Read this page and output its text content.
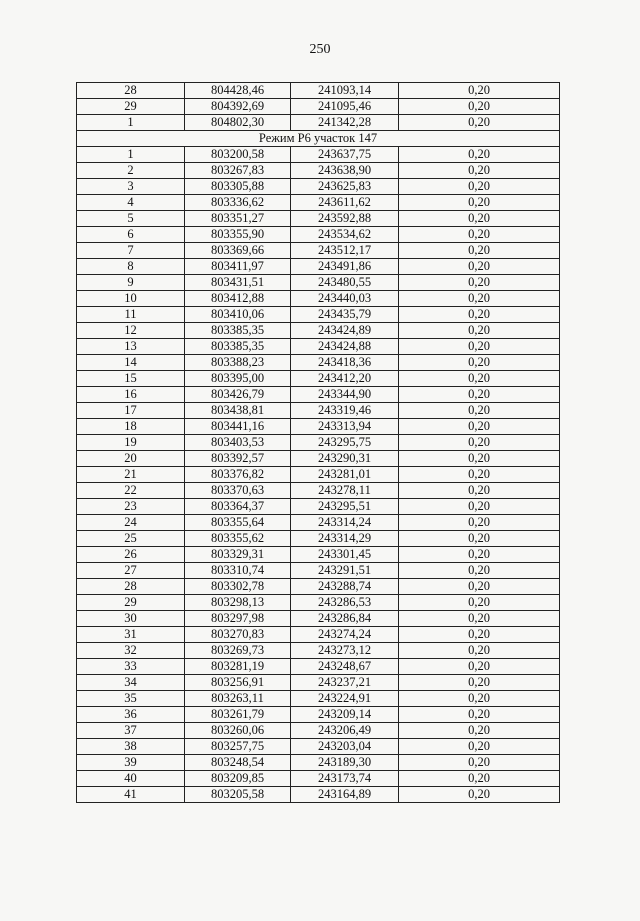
250
28	804428,46	241093,14	0,20
29	804392,69	241095,46	0,20
1	804802,30	241342,28	0,20
Режим Р6 участок 147			
1	803200,58	243637,75	0,20
2	803267,83	243638,90	0,20
3	803305,88	243625,83	0,20
4	803336,62	243611,62	0,20
5	803351,27	243592,88	0,20
6	803355,90	243534,62	0,20
7	803369,66	243512,17	0,20
8	803411,97	243491,86	0,20
9	803431,51	243480,55	0,20
10	803412,88	243440,03	0,20
11	803410,06	243435,79	0,20
12	803385,35	243424,89	0,20
13	803385,35	243424,88	0,20
14	803388,23	243418,36	0,20
15	803395,00	243412,20	0,20
16	803426,79	243344,90	0,20
17	803438,81	243319,46	0,20
18	803441,16	243313,94	0,20
19	803403,53	243295,75	0,20
20	803392,57	243290,31	0,20
21	803376,82	243281,01	0,20
22	803370,63	243278,11	0,20
23	803364,37	243295,51	0,20
24	803355,64	243314,24	0,20
25	803355,62	243314,29	0,20
26	803329,31	243301,45	0,20
27	803310,74	243291,51	0,20
28	803302,78	243288,74	0,20
29	803298,13	243286,53	0,20
30	803297,98	243286,84	0,20
31	803270,83	243274,24	0,20
32	803269,73	243273,12	0,20
33	803281,19	243248,67	0,20
34	803256,91	243237,21	0,20
35	803263,11	243224,91	0,20
36	803261,79	243209,14	0,20
37	803260,06	243206,49	0,20
38	803257,75	243203,04	0,20
39	803248,54	243189,30	0,20
40	803209,85	243173,74	0,20
41	803205,58	243164,89	0,20
